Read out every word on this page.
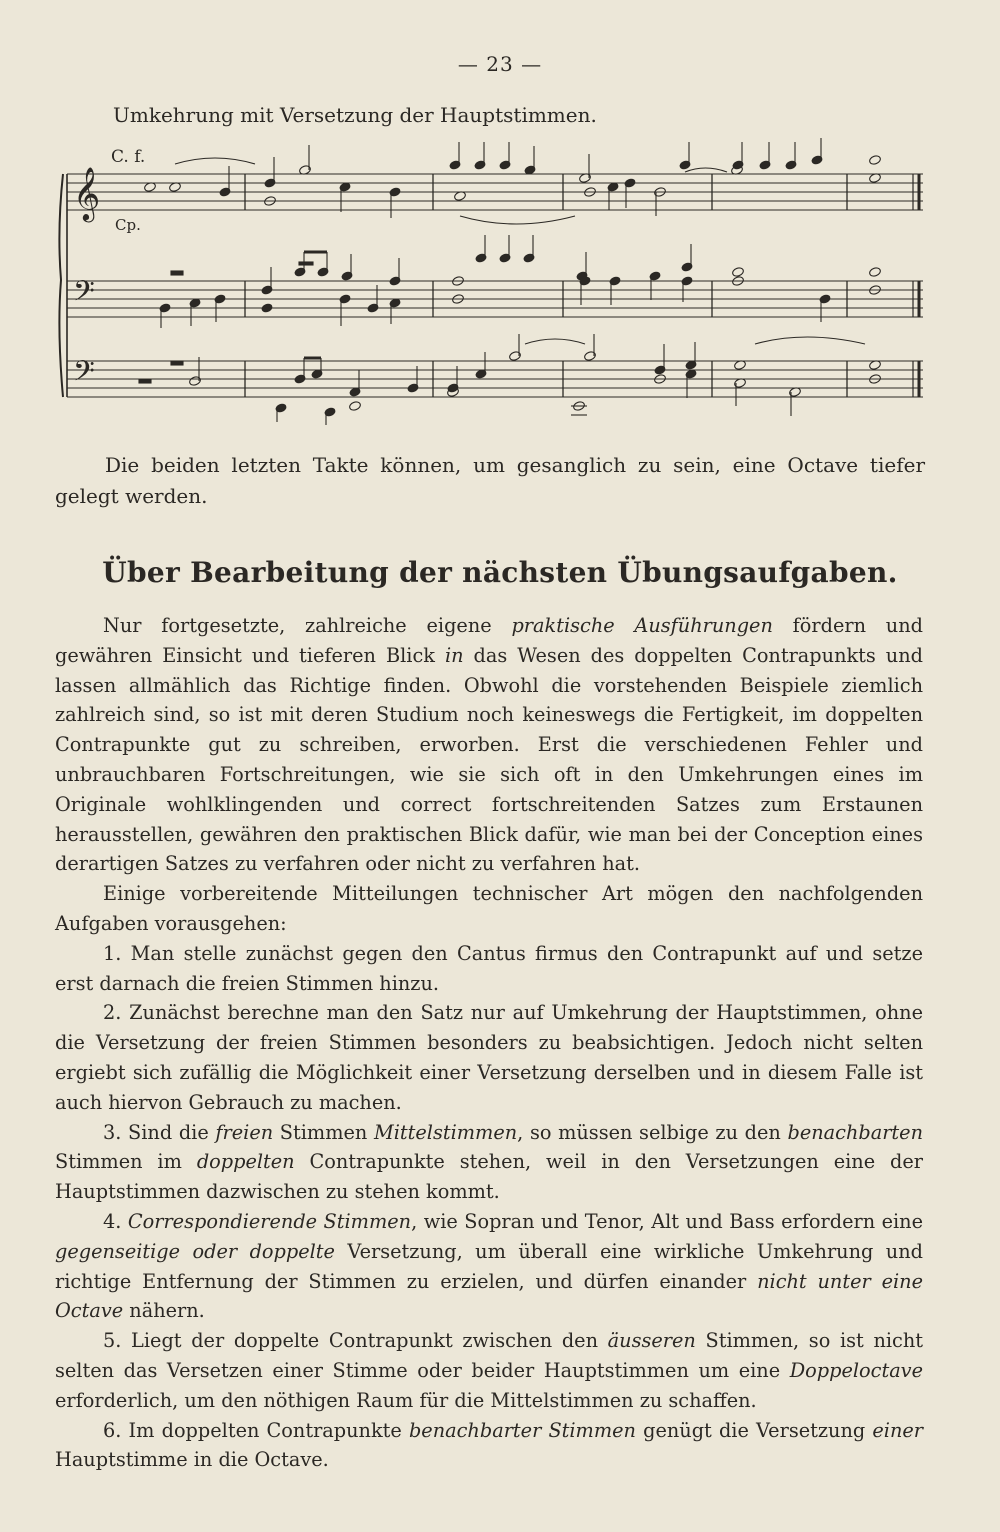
— 23 —
Umkehrung mit Versetzung der Hauptstimmen.
𝄞
𝄢
𝄢
C. f.
Cp.
Die beiden letzten Takte können, um gesanglich zu sein, eine Octave tiefer gelegt werden.
Über Bearbeitung der nächsten Übungsaufgaben.

Nur fortgesetzte, zahlreiche eigene praktische Ausführungen fördern und gewähren Einsicht und tieferen Blick in das Wesen des doppelten Contrapunkts und lassen allmählich das Richtige finden. Obwohl die vorstehenden Beispiele ziemlich zahlreich sind, so ist mit deren Studium noch keineswegs die Fertigkeit, im doppelten Contrapunkte gut zu schreiben, erworben. Erst die verschiedenen Fehler und unbrauchbaren Fortschreitungen, wie sie sich oft in den Umkehrungen eines im Originale wohlklingenden und correct fortschreitenden Satzes zum Erstaunen herausstellen, gewähren den praktischen Blick dafür, wie man bei der Conception eines derartigen Satzes zu verfahren oder nicht zu verfahren hat.

Einige vorbereitende Mitteilungen technischer Art mögen den nachfolgenden Aufgaben vorausgehen:

1. Man stelle zunächst gegen den Cantus firmus den Contrapunkt auf und setze erst darnach die freien Stimmen hinzu.

2. Zunächst berechne man den Satz nur auf Umkehrung der Hauptstimmen, ohne die Versetzung der freien Stimmen besonders zu beabsichtigen. Jedoch nicht selten ergiebt sich zufällig die Möglichkeit einer Versetzung derselben und in diesem Falle ist auch hiervon Gebrauch zu machen.

3. Sind die freien Stimmen Mittelstimmen, so müssen selbige zu den benachbarten Stimmen im doppelten Contrapunkte stehen, weil in den Versetzungen eine der Hauptstimmen dazwischen zu stehen kommt.

4. Correspondierende Stimmen, wie Sopran und Tenor, Alt und Bass erfordern eine gegenseitige oder doppelte Versetzung, um überall eine wirkliche Umkehrung und richtige Entfernung der Stimmen zu erzielen, und dürfen einander nicht unter eine Octave nähern.

5. Liegt der doppelte Contrapunkt zwischen den äusseren Stimmen, so ist nicht selten das Versetzen einer Stimme oder beider Hauptstimmen um eine Doppeloctave erforderlich, um den nöthigen Raum für die Mittelstimmen zu schaffen.

6. Im doppelten Contrapunkte benachbarter Stimmen genügt die Versetzung einer Hauptstimme in die Octave.
